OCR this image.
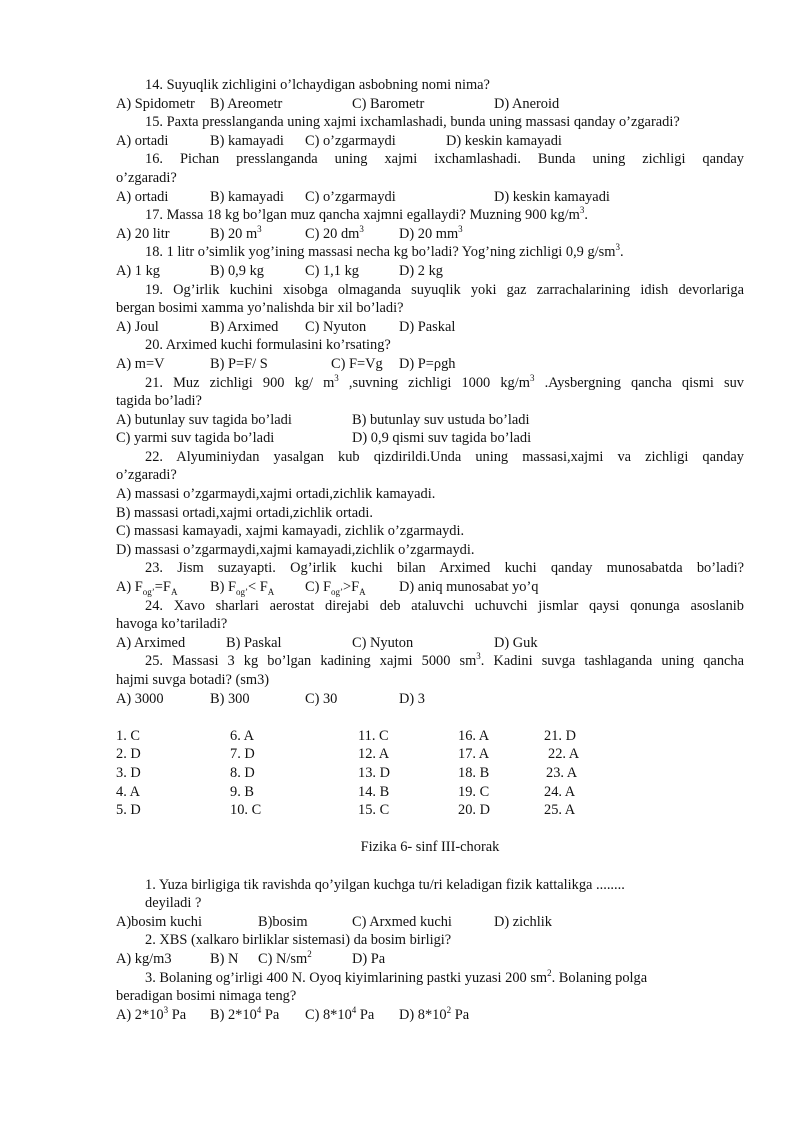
14. Suyuqlik zichligini o’lchaydigan asbobning nomi nima?
A) Spidometr B) Areometr	C) Barometr	D) Aneroid
15. Paxta presslanganda uning xajmi ixchamlashadi, bunda uning massasi qanday o’zgaradi?
A) ortadi	B) kamayadi C) o’zgarmaydi	D) keskin kamayadi
16. Pichan presslanganda uning xajmi ixchamlashadi. Bunda uning zichligi qanday
o’zgaradi?
A) ortadi	B) kamayadi C) o’zgarmaydi	D) keskin kamayadi
17. Massa 18 kg bo’lgan muz qancha xajmni egallaydi? Muzning 900 $kg/m^3$.
A) 20 litr	B) 20 $m^3$	C) 20 $dm^3$ D) 20 $mm^3$
18. 1 litr o’simlik yog’ining massasi necha kg bo’ladi? Yog’ning zichligi 0,9 $g/sm^3$.
A) 1 kg	B) 0,9 kg	C) 1,1 kg	D) 2 kg
19. Og’irlik kuchini xisobga olmaganda suyuqlik yoki gaz zarrachalarining idish devorlariga
bergan bosimi xamma yo’nalishda bir xil bo’ladi?
A) Joul	B) Arximed C) Nyuton D) Paskal
20. Arximed kuchi formulasini ko’rsating?
A) m=V	B) P=F/ S	C) F=Vg D) P=ρgh
21. Muz zichligi 900 kg/ $m^3$ ,suvning zichligi 1000 $kg/m^3$ .Aysbergning qancha qismi suv
tagida bo’ladi?
A) butunlay suv tagida bo’ladi	B) butunlay suv ustuda bo’ladi
C) yarmi suv tagida bo’ladi	D) 0,9 qismi suv tagida bo’ladi
22. Alyuminiydan yasalgan kub qizdirildi.Unda uning massasi,xajmi va zichligi qanday
o’zgaradi?
A) massasi o’zgarmaydi,xajmi ortadi,zichlik kamayadi.
B) massasi ortadi,xajmi ortadi,zichlik ortadi.
C) massasi kamayadi, xajmi kamayadi, zichlik o’zgarmaydi.
D) massasi o’zgarmaydi,xajmi kamayadi,zichlik o’zgarmaydi.
23. Jism suzayapti. Og’irlik kuchi bilan Arximed kuchi qanday munosabatda bo’ladi?
A) $F_{og’}=F_A$ B) $F_{og’}< F_A$ C) $F_{og’}>F_A$ D) aniq munosabat yo’q
24. Xavo sharlari aerostat direjabi deb ataluvchi uchuvchi jismlar qaysi qonunga asoslanib
havoga ko’tariladi?
A) Arximed	B) Paskal	C) Nyuton	D) Guk
25. Massasi 3 kg bo’lgan kadining xajmi 5000 $sm^3$. Kadini suvga tashlaganda uning qancha
hajmi suvga botadi? (sm3)
A) 3000	B) 300	C) 30	D) 3
1. C	6. A	11. C	16. A	21. D
2. D	7. D	12. A	17. A	22. A
3. D	8. D	13. D	18. B	23. A
4. A	9. B	14. B	19. C	24. A
5. D	10. C	15. C	20. D	25. A
Fizika 6- sinf III-chorak
1. Yuza birligiga tik ravishda qo’yilgan kuchga tu/ri keladigan fizik kattalikga ........
deyiladi ?
A)bosim kuchi	B)bosim	C) Arxmed kuchi	D) zichlik
2. XBS (xalkaro birliklar sistemasi) da bosim birligi?
A) kg/m3	B) N C) $N/sm^2$	D) Pa
3. Bolaning og’irligi 400 N. Oyoq kiyimlarining pastki yuzasi 200 $sm^2$. Bolaning polga
beradigan bosimi nimaga teng?
A) $2*10^3$ Pa B) $2*10^4$ Pa C) $8*10^4$ Pa D) $8*10^2$ Pa
